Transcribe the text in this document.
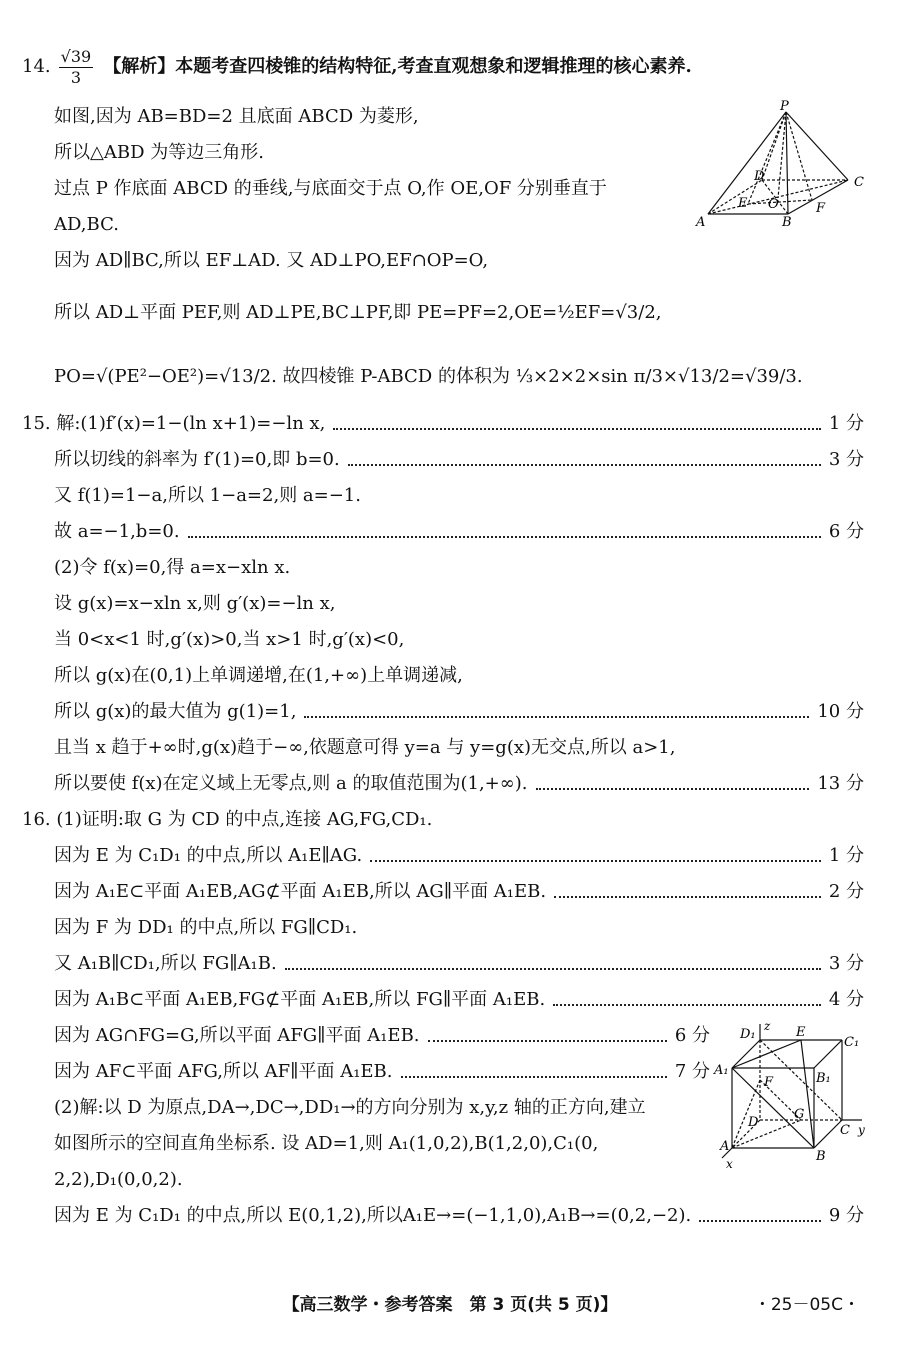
14. $\frac{√39}{3}$ 【解析】本题考查四棱锥的结构特征,考查直观想象和逻辑推理的核心素养.
如图,因为 AB=BD=2 且底面 ABCD 为菱形,
所以△ABD 为等边三角形.
过点 P 作底面 ABCD 的垂线,与底面交于点 O,作 OE,OF 分别垂直于
AD,BC.
因为 AD∥BC,所以 EF⊥AD. 又 AD⊥PO,EF∩OP=O,
所以 AD⊥平面 PEF,则 AD⊥PE,BC⊥PF,即 PE=PF=2,OE=½EF=√3/2,
PO=√(PE²−OE²)=√13/2. 故四棱锥 P-ABCD 的体积为 ⅓×2×2×sin π/3×√13/2=√39/3.
P
D	C
E O	F
A	B
15. 解:(1)f′(x)=1−(ln x+1)=−ln x,	1 分
所以切线的斜率为 f′(1)=0,即 b=0.	3 分
又 f(1)=1−a,所以 1−a=2,则 a=−1.
故 a=−1,b=0.	6 分
(2)令 f(x)=0,得 a=x−xln x.
设 g(x)=x−xln x,则 g′(x)=−ln x,
当 0<x<1 时,g′(x)>0,当 x>1 时,g′(x)<0,
所以 g(x)在(0,1)上单调递增,在(1,+∞)上单调递减,
所以 g(x)的最大值为 g(1)=1,	10 分
且当 x 趋于+∞时,g(x)趋于−∞,依题意可得 y=a 与 y=g(x)无交点,所以 a>1,
所以要使 f(x)在定义域上无零点,则 a 的取值范围为(1,+∞).	13 分
16. (1)证明:取 G 为 CD 的中点,连接 AG,FG,CD₁.
因为 E 为 C₁D₁ 的中点,所以 A₁E∥AG.	1 分
因为 A₁E⊂平面 A₁EB,AG⊄平面 A₁EB,所以 AG∥平面 A₁EB.	2 分
因为 F 为 DD₁ 的中点,所以 FG∥CD₁.
又 A₁B∥CD₁,所以 FG∥A₁B.	3 分
因为 A₁B⊂平面 A₁EB,FG⊄平面 A₁EB,所以 FG∥平面 A₁EB.	4 分
因为 AG∩FG=G,所以平面 AFG∥平面 A₁EB.	6 分
因为 AF⊂平面 AFG,所以 AF∥平面 A₁EB.	7 分
(2)解:以 D 为原点,DA→,DC→,DD₁→的方向分别为 x,y,z 轴的正方向,建立
如图所示的空间直角坐标系. 设 AD=1,则 A₁(1,0,2),B(1,2,0),C₁(0,
2,2),D₁(0,0,2).
因为 E 为 C₁D₁ 的中点,所以 E(0,1,2),所以A₁E→=(−1,1,0),A₁B→=(0,2,−2).	9 分
D₁
z E
C₁
A₁
B₁
F
G
D
C y
A
B
x
【高三数学・参考答案　第 3 页(共 5 页)】	・25－05C・
